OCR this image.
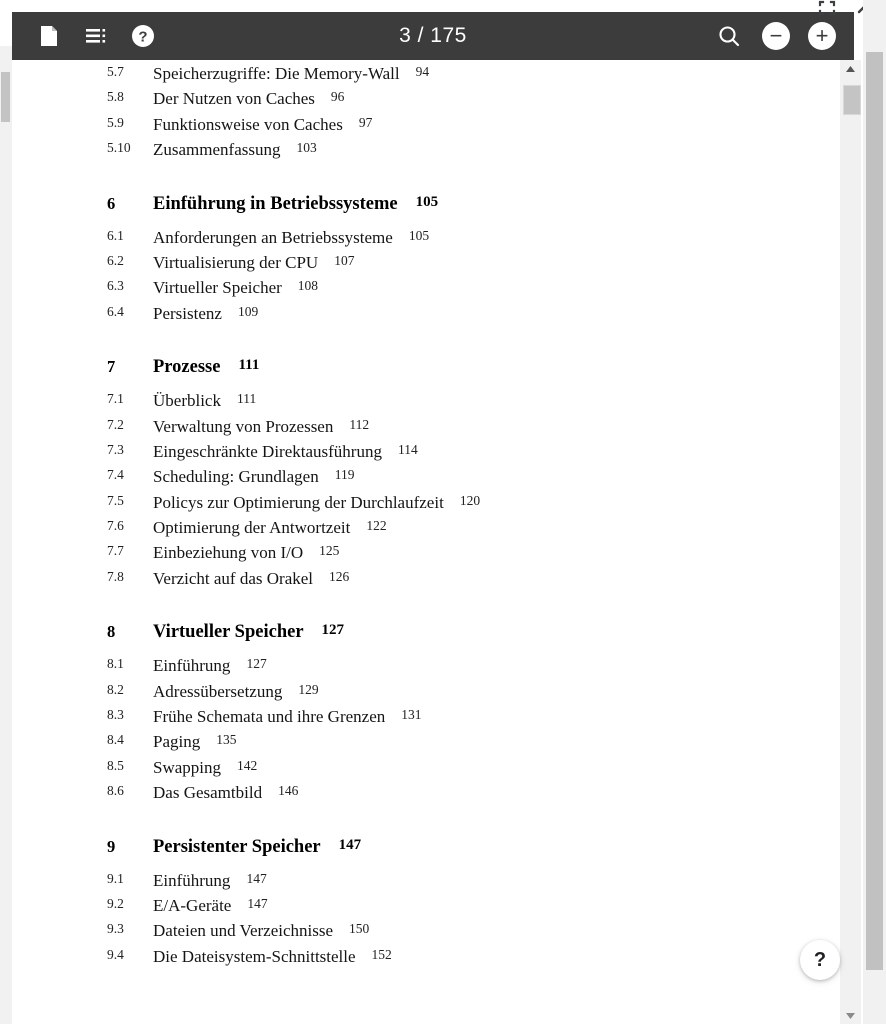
?	3 / 175	−	+
5.7	Speicherzugriffe: Die Memory-Wall 94
5.8	Der Nutzen von Caches 96
5.9	Funktionsweise von Caches 97
5.10	Zusammenfassung 103
6	Einführung in Betriebssysteme 105
6.1	Anforderungen an Betriebssysteme 105
6.2	Virtualisierung der CPU 107
6.3	Virtueller Speicher 108
6.4	Persistenz 109
7	Prozesse 111
7.1	Überblick 111
7.2	Verwaltung von Prozessen 112
7.3	Eingeschränkte Direktausführung 114
7.4	Scheduling: Grundlagen 119
7.5	Policys zur Optimierung der Durchlaufzeit 120
7.6	Optimierung der Antwortzeit 122
7.7	Einbeziehung von I/O 125
7.8	Verzicht auf das Orakel 126
8	Virtueller Speicher 127
8.1	Einführung 127
8.2	Adressübersetzung 129
8.3	Frühe Schemata und ihre Grenzen 131
8.4	Paging 135
8.5	Swapping 142
8.6	Das Gesamtbild 146
9	Persistenter Speicher 147
9.1	Einführung 147
9.2	E/A-Geräte 147
9.3	Dateien und Verzeichnisse 150
9.4	Die Dateisystem-Schnittstelle 152	?
